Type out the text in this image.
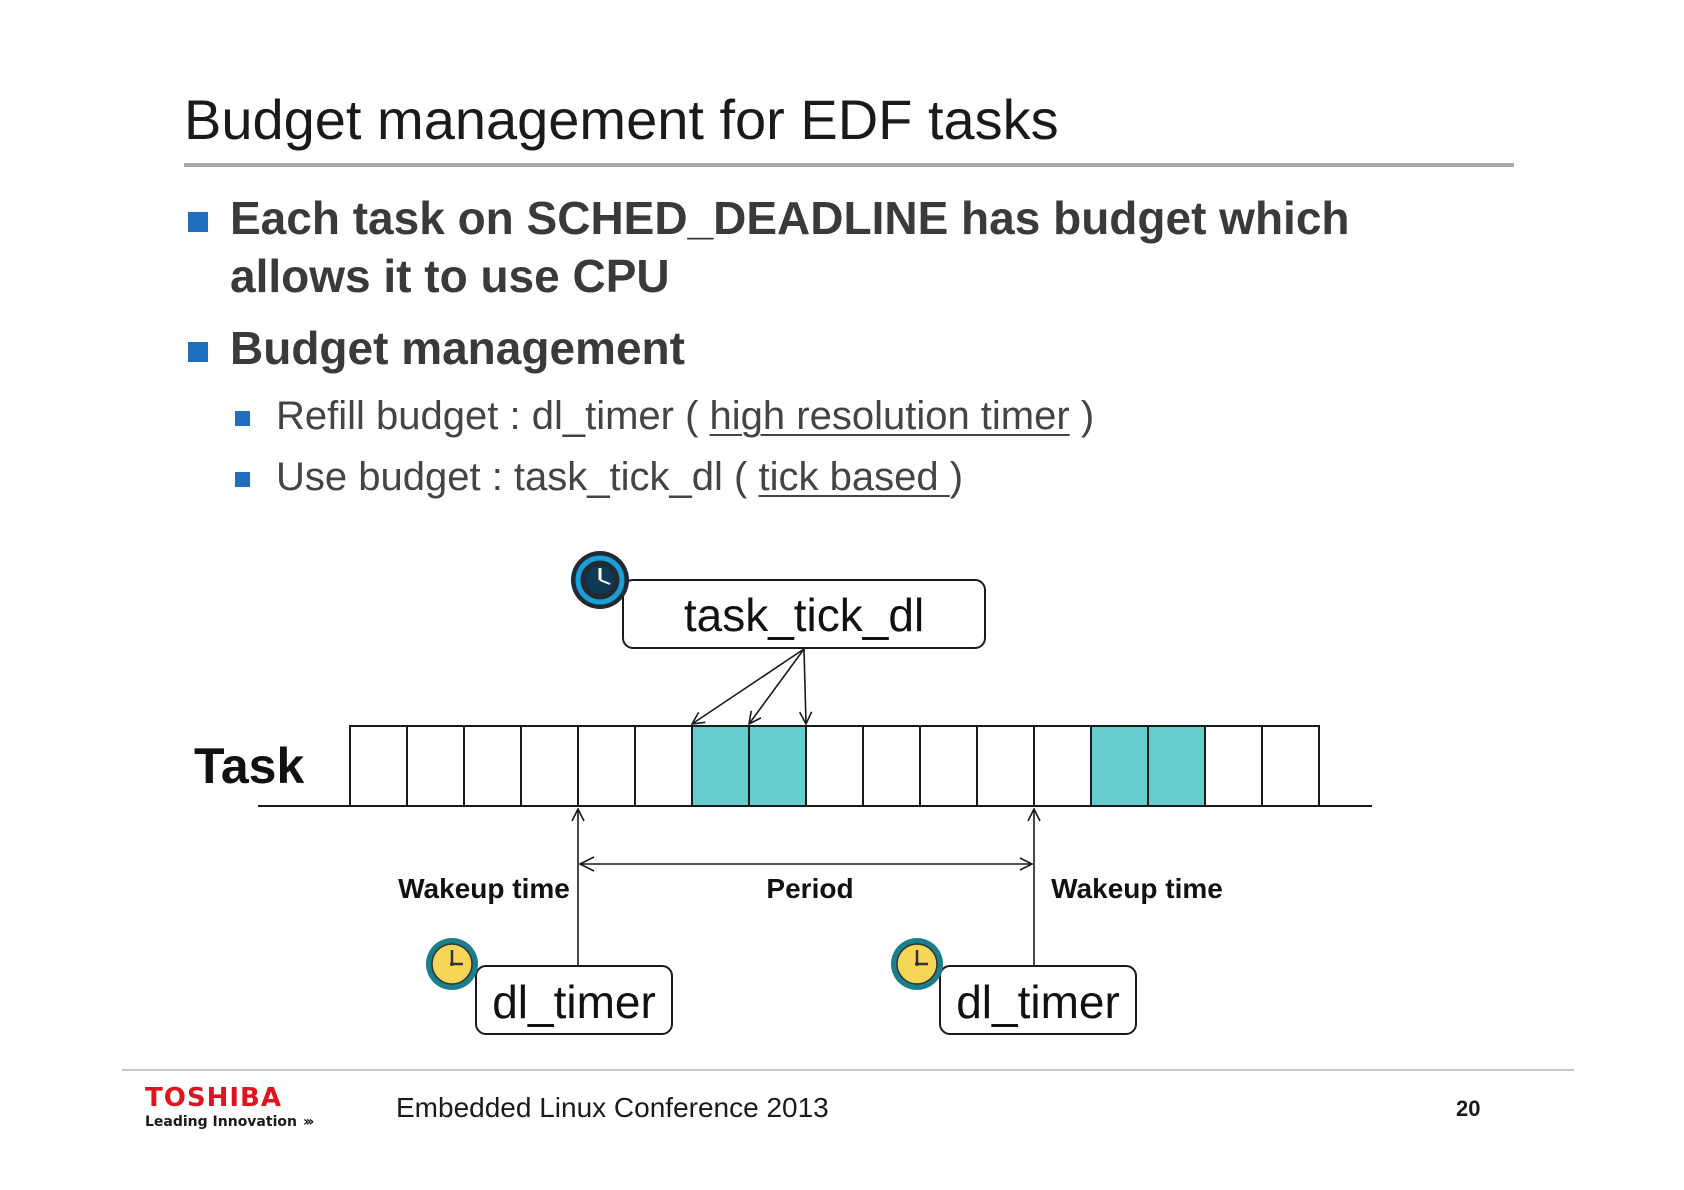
Budget management for EDF tasks
Each task on SCHED_DEADLINE has budget which
allows it to use CPU
Budget management
Refill budget : dl_timer ( high resolution timer )
Use budget : task_tick_dl ( tick based )
Task
task_tick_dl
Wakeup time	Period	Wakeup time
dl_timer	dl_timer
TOSHIBA
Leading Innovation ›››	Embedded Linux Conference 2013	20
